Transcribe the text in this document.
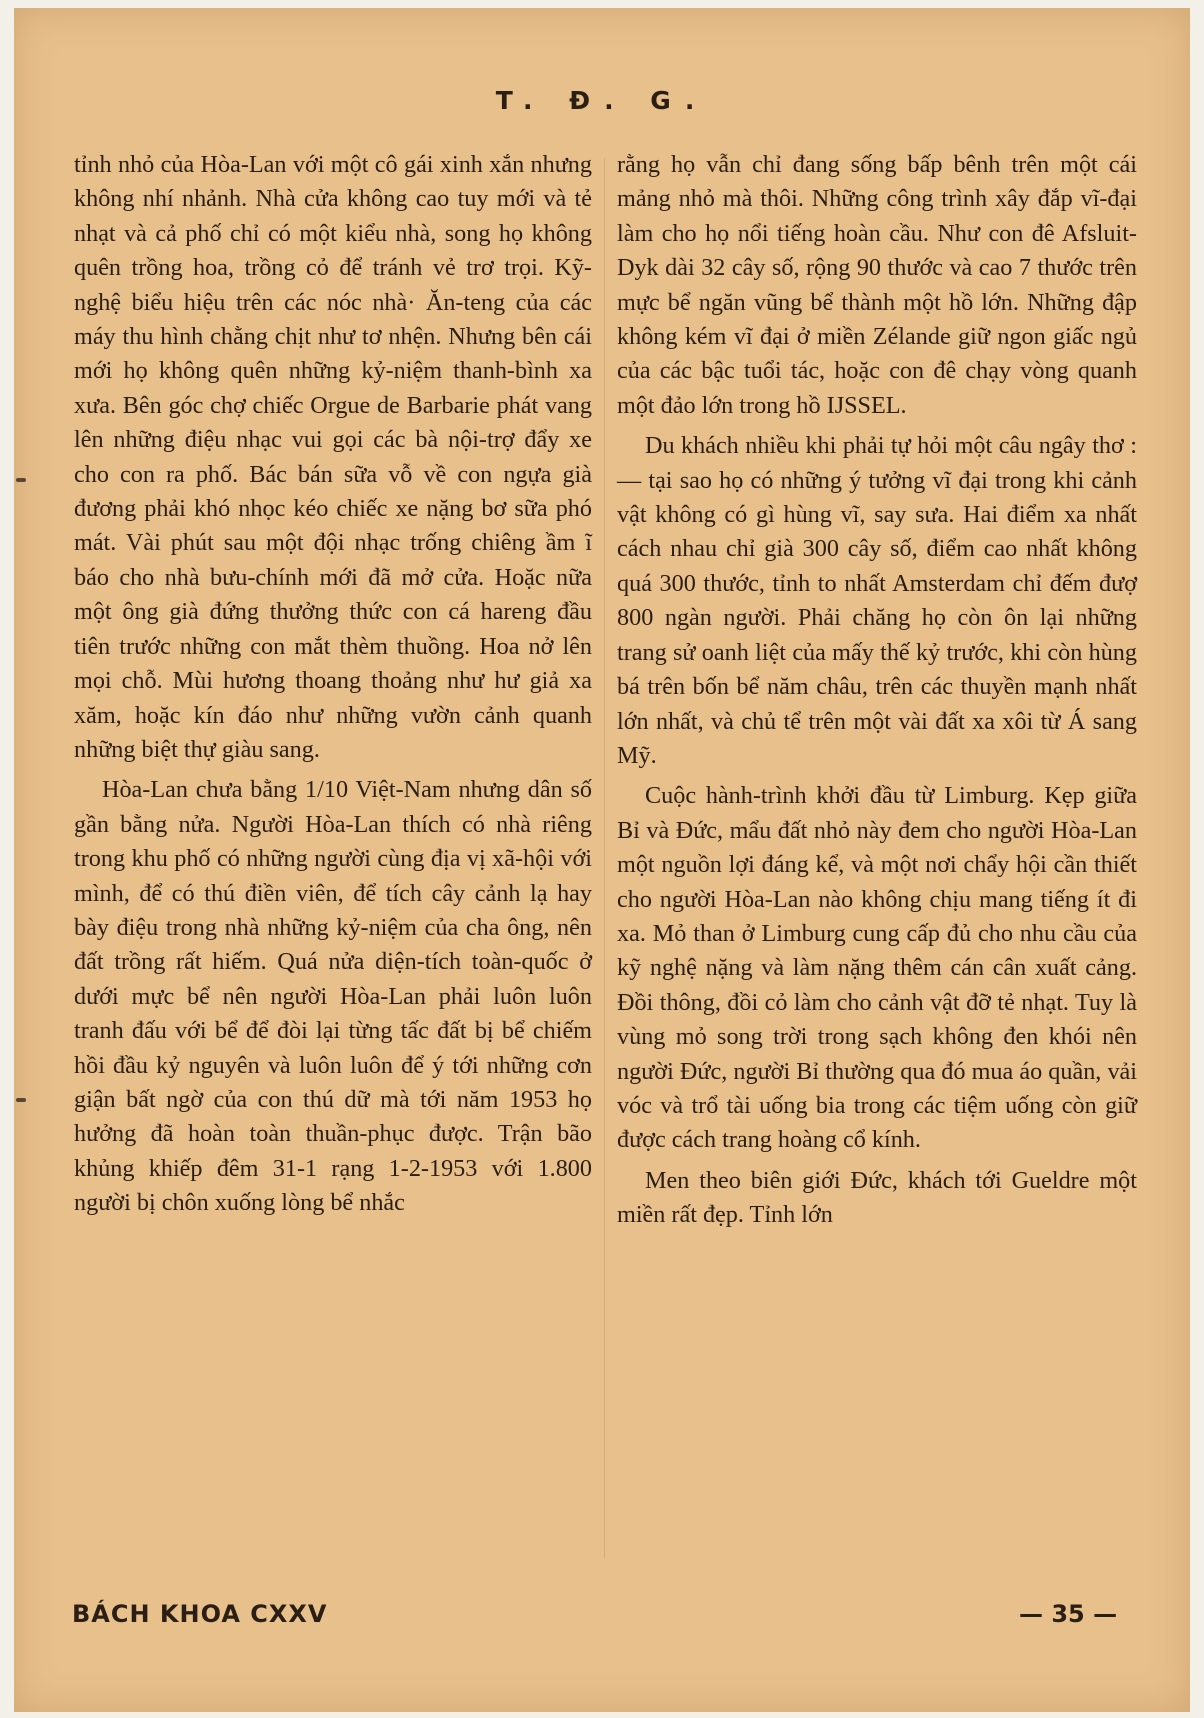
T. Đ. G.

tỉnh nhỏ của Hòa-Lan với một cô gái xinh xắn nhưng không nhí nhảnh. Nhà cửa không cao tuy mới và tẻ nhạt và cả phố chỉ có một kiểu nhà, song họ không quên trồng hoa, trồng cỏ để tránh vẻ trơ trọi. Kỹ-nghệ biểu hiệu trên các nóc nhà· Ăn-teng của các máy thu hình chằng chịt như tơ nhện. Nhưng bên cái mới họ không quên những kỷ-niệm thanh-bình xa xưa. Bên góc chợ chiếc Orgue de Barbarie phát vang lên những điệu nhạc vui gọi các bà nội-trợ đẩy xe cho con ra phố. Bác bán sữa vỗ về con ngựa già đương phải khó nhọc kéo chiếc xe nặng bơ sữa phó mát. Vài phút sau một đội nhạc trống chiêng ầm ĩ báo cho nhà bưu-chính mới đã mở cửa. Hoặc nữa một ông già đứng thưởng thức con cá hareng đầu tiên trước những con mắt thèm thuồng. Hoa nở lên mọi chỗ. Mùi hương thoang thoảng như hư giả xa xăm, hoặc kín đáo như những vườn cảnh quanh những biệt thự giàu sang.

Hòa-Lan chưa bằng 1/10 Việt-Nam nhưng dân số gần bằng nửa. Người Hòa-Lan thích có nhà riêng trong khu phố có những người cùng địa vị xã-hội với mình, để có thú điền viên, để tích cây cảnh lạ hay bày điệu trong nhà những kỷ-niệm của cha ông, nên đất trồng rất hiếm. Quá nửa diện-tích toàn-quốc ở dưới mực bể nên người Hòa-Lan phải luôn luôn tranh đấu với bể để đòi lại từng tấc đất bị bể chiếm hồi đầu kỷ nguyên và luôn luôn để ý tới những cơn giận bất ngờ của con thú dữ mà tới năm 1953 họ hưởng đã hoàn toàn thuần-phục được. Trận bão khủng khiếp đêm 31-1 rạng 1-2-1953 với 1.800 người bị chôn xuống lòng bể nhắc

rằng họ vẫn chỉ đang sống bấp bênh trên một cái mảng nhỏ mà thôi. Những công trình xây đắp vĩ-đại làm cho họ nổi tiếng hoàn cầu. Như con đê Afsluit-Dyk dài 32 cây số, rộng 90 thước và cao 7 thước trên mực bể ngăn vũng bể thành một hồ lớn. Những đập không kém vĩ đại ở miền Zélande giữ ngon giấc ngủ của các bậc tuổi tác, hoặc con đê chạy vòng quanh một đảo lớn trong hồ IJSSEL.

Du khách nhiều khi phải tự hỏi một câu ngây thơ : — tại sao họ có những ý tưởng vĩ đại trong khi cảnh vật không có gì hùng vĩ, say sưa. Hai điểm xa nhất cách nhau chỉ già 300 cây số, điểm cao nhất không quá 300 thước, tỉnh to nhất Amsterdam chỉ đếm đượ 800 ngàn người. Phải chăng họ còn ôn lại những trang sử oanh liệt của mấy thế kỷ trước, khi còn hùng bá trên bốn bể năm châu, trên các thuyền mạnh nhất lớn nhất, và chủ tể trên một vài đất xa xôi từ Á sang Mỹ.

Cuộc hành-trình khởi đầu từ Limburg. Kẹp giữa Bỉ và Đức, mẩu đất nhỏ này đem cho người Hòa-Lan một nguồn lợi đáng kể, và một nơi chẩy hội cần thiết cho người Hòa-Lan nào không chịu mang tiếng ít đi xa. Mỏ than ở Limburg cung cấp đủ cho nhu cầu của kỹ nghệ nặng và làm nặng thêm cán cân xuất cảng. Đồi thông, đồi cỏ làm cho cảnh vật đỡ tẻ nhạt. Tuy là vùng mỏ song trời trong sạch không đen khói nên người Đức, người Bỉ thường qua đó mua áo quần, vải vóc và trổ tài uống bia trong các tiệm uống còn giữ được cách trang hoàng cổ kính.

Men theo biên giới Đức, khách tới Gueldre một miền rất đẹp. Tỉnh lớn

BÁCH KHOA CXXV	— 35 —
